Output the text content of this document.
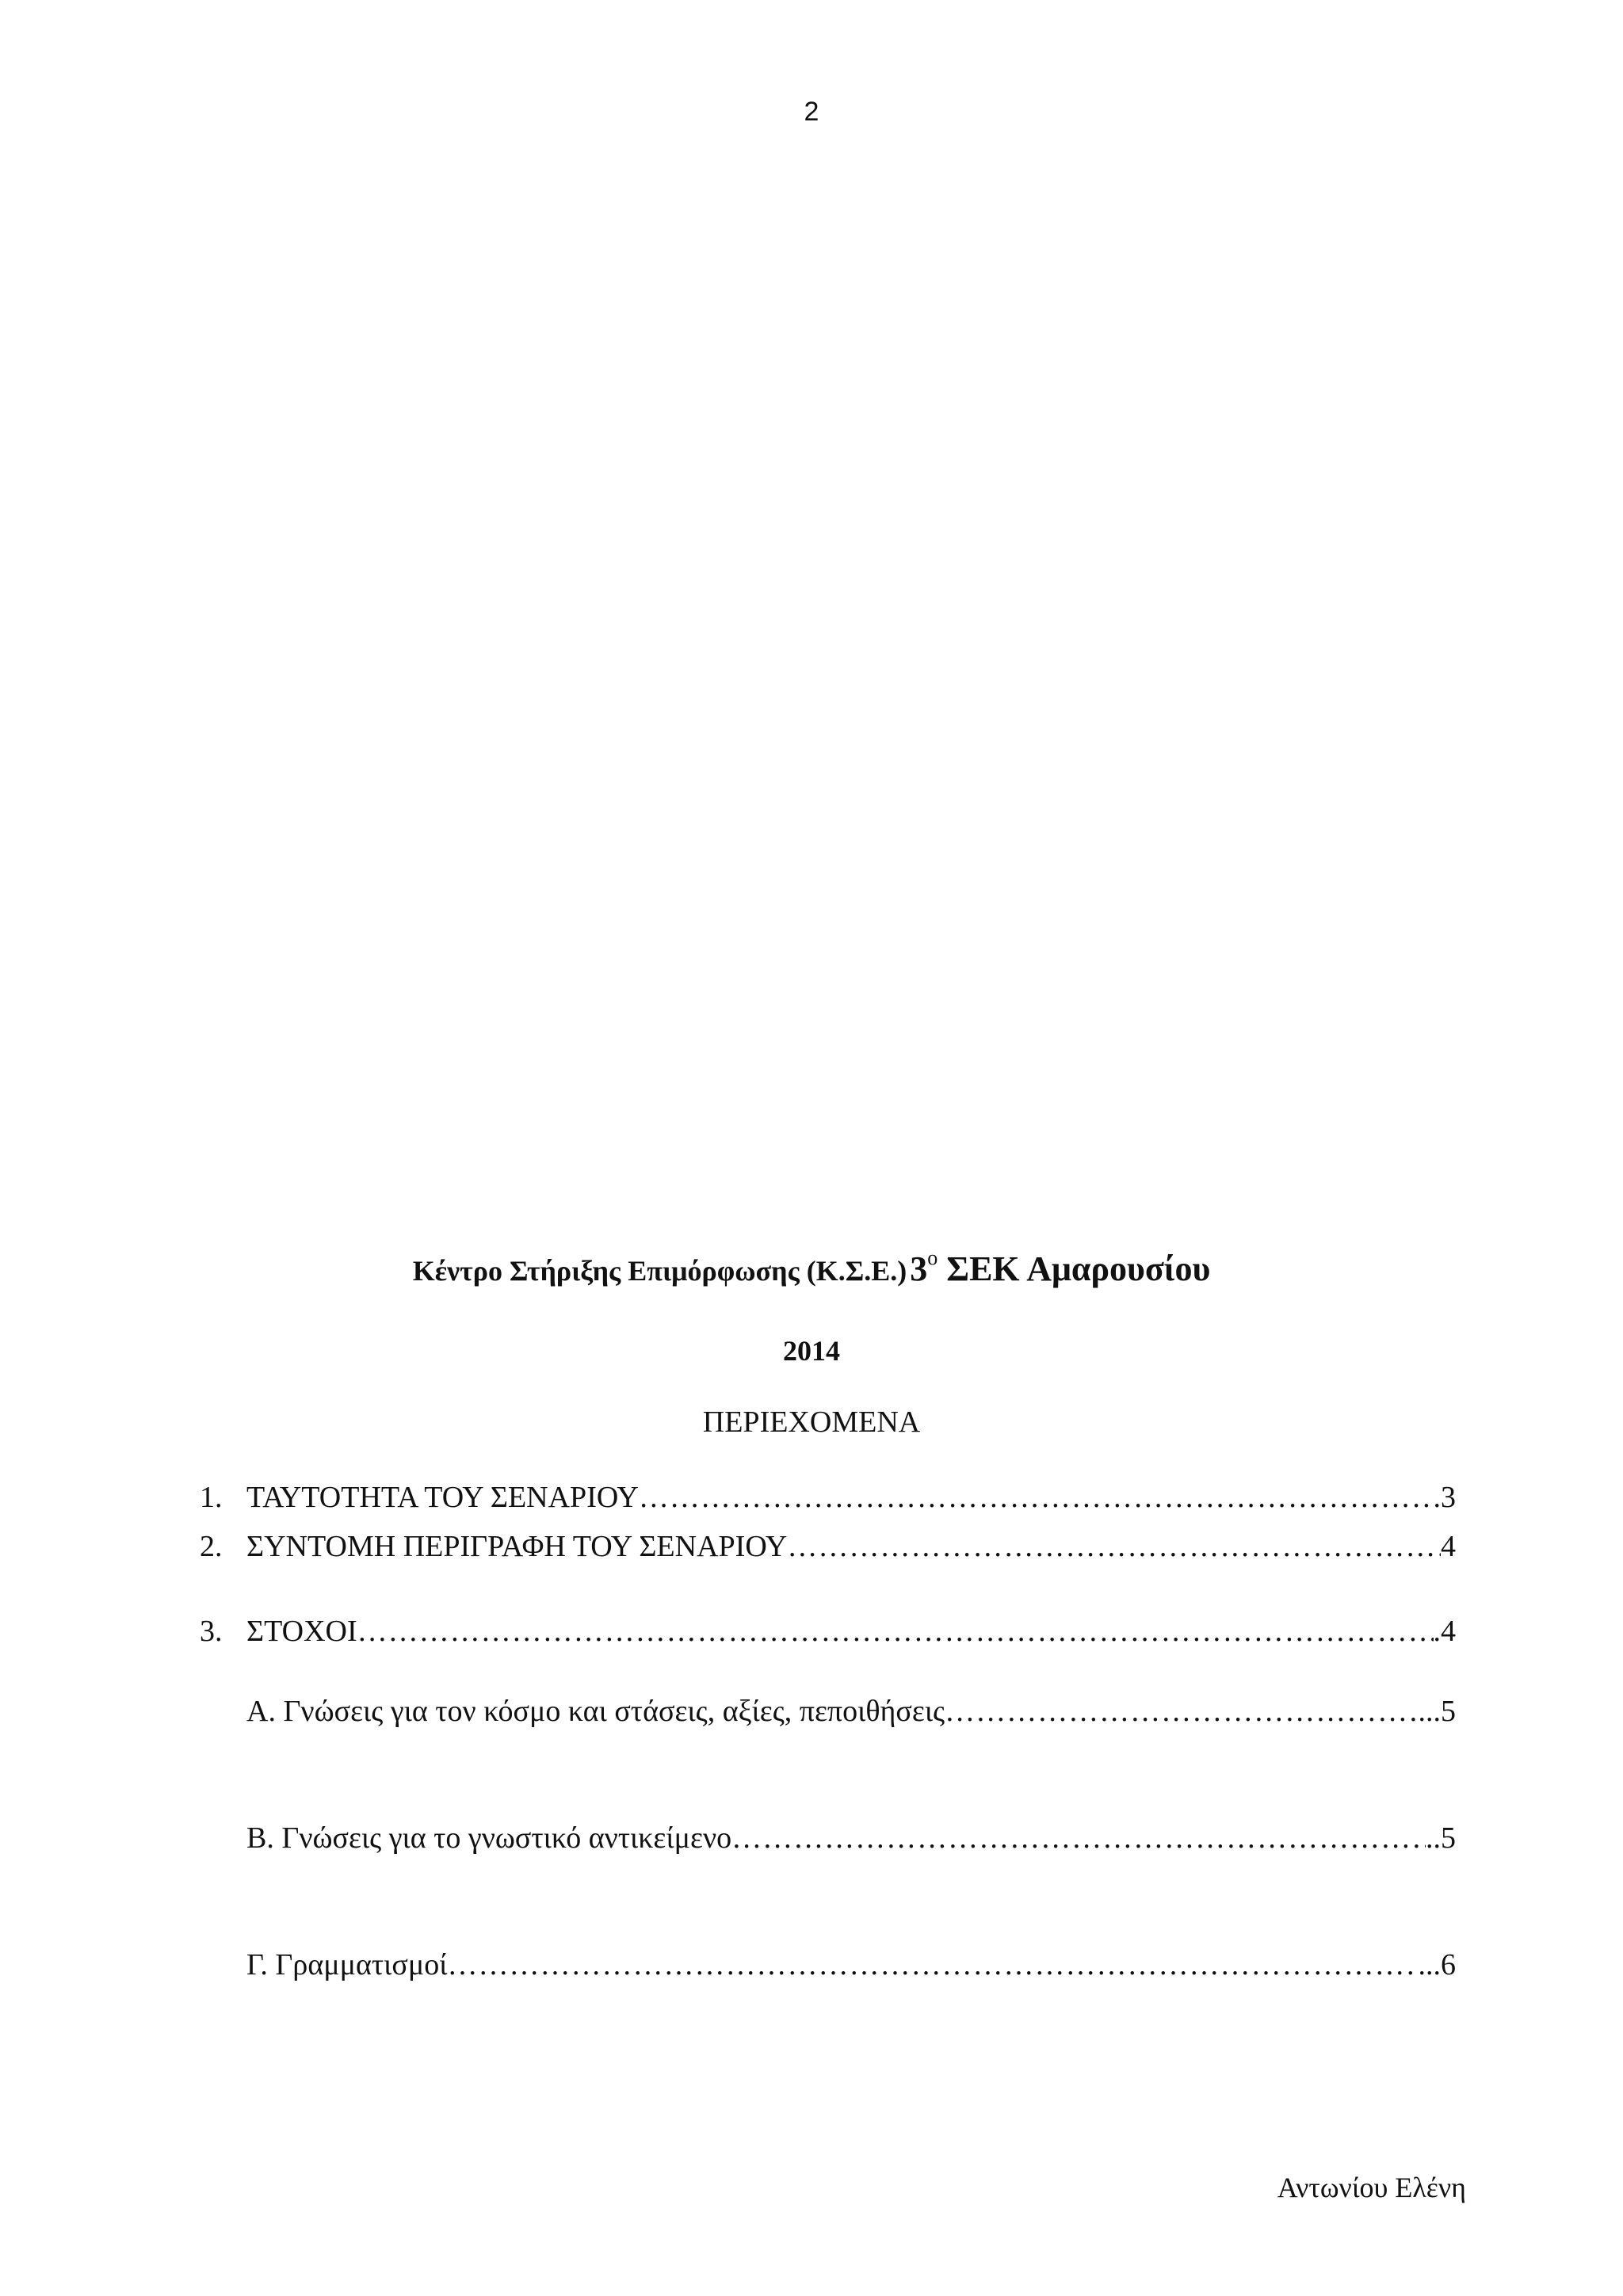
2
Κέντρο Στήριξης Επιμόρφωσης (Κ.Σ.Ε.) $3^o$ ΣΕΚ Αμαρουσίου
2014
ΠΕΡΙΕΧΟΜΕΝΑ
1. ΤΑΥΤΟΤΗΤΑ ΤΟΥ ΣΕΝΑΡΙΟΥ …………………………………………………………………………………………………………………………………………………………………………………………	.3
2. ΣΥΝΤΟΜΗ ΠΕΡΙΓΡΑΦΗ ΤΟΥ ΣΕΝΑΡΙΟΥ …………………………………………………………………………………………………………………………………………………………………………………………	4
3. ΣΤΟΧΟΙ …………………………………………………………………………………………………………………………………………………………………………………………	.4
Α. Γνώσεις για τον κόσμο και στάσεις, αξίες, πεποιθήσεις …………………………………………………………………………………………………………………………………………………………………………………………	...5
Β. Γνώσεις για το γνωστικό αντικείμενο …………………………………………………………………………………………………………………………………………………………………………………………	..5
Γ. Γραμματισμοί …………………………………………………………………………………………………………………………………………………………………………………………	...6
Αντωνίου Ελένη
